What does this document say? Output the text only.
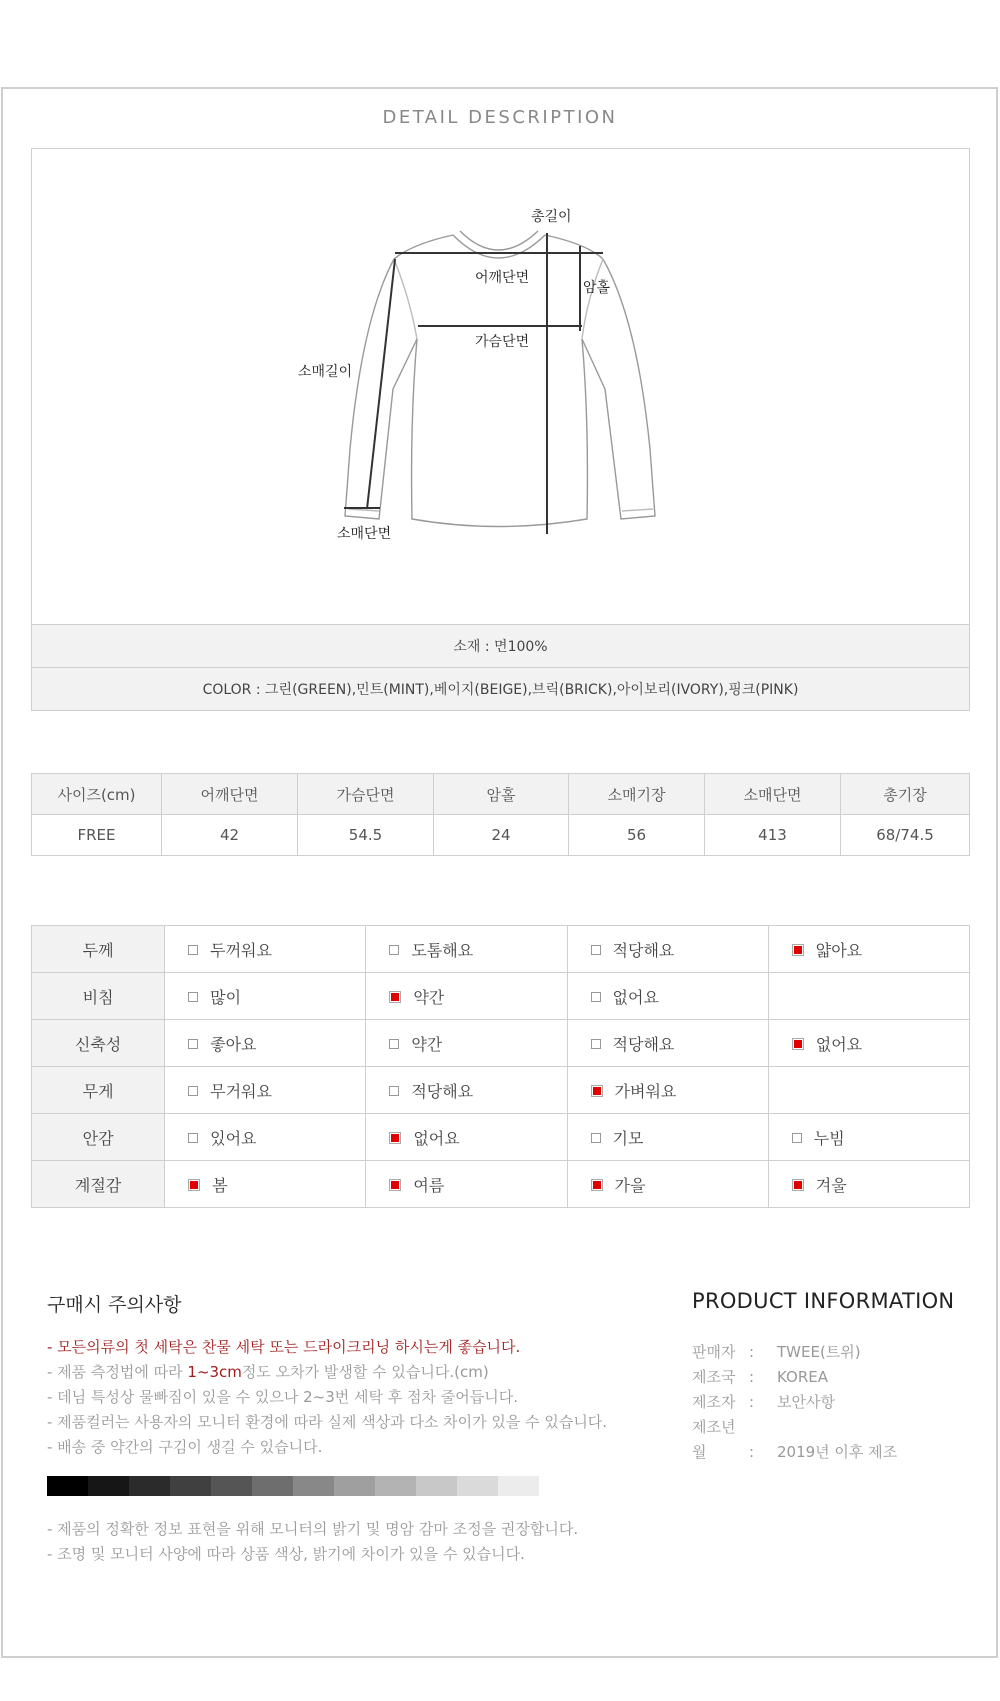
DETAIL DESCRIPTION
총길이
어깨단면
암홀
가슴단면
소매길이
소매단면
소재 : 면100%
COLOR : 그린(GREEN),민트(MINT),베이지(BEIGE),브릭(BRICK),아이보리(IVORY),핑크(PINK)
사이즈(cm)	어깨단면	가슴단면	암홀	소매기장	소매단면	총기장
FREE	42	54.5	24	56	413	68/74.5
두께	두꺼워요	도톰해요	적당해요	얇아요
비침	많이	약간	없어요	
신축성	좋아요	약간	적당해요	없어요
무게	무거워요	적당해요	가벼워요	
안감	있어요	없어요	기모	누빔
계절감	봄	여름	가을	겨울
구매시 주의사항
- 모든의류의 첫 세탁은 찬물 세탁 또는 드라이크리닝 하시는게 좋습니다.
- 제품 측정법에 따라 1~3cm정도 오차가 발생할 수 있습니다.(cm)
- 데님 특성상 물빠짐이 있을 수 있으나 2~3번 세탁 후 점차 줄어듭니다.
- 제품컬러는 사용자의 모니터 환경에 따라 실제 색상과 다소 차이가 있을 수 있습니다.
- 배송 중 약간의 구김이 생길 수 있습니다.
- 제품의 정확한 정보 표현을 위해 모니터의 밝기 및 명암 감마 조정을 권장합니다.
- 조명 및 모니터 사양에 따라 상품 색상, 밝기에 차이가 있을 수 있습니다.
PRODUCT INFORMATION
판매자 : TWEE(트위)
제조국 : KOREA
제조자 : 보안사항
제조년월	: 2019년 이후 제조
